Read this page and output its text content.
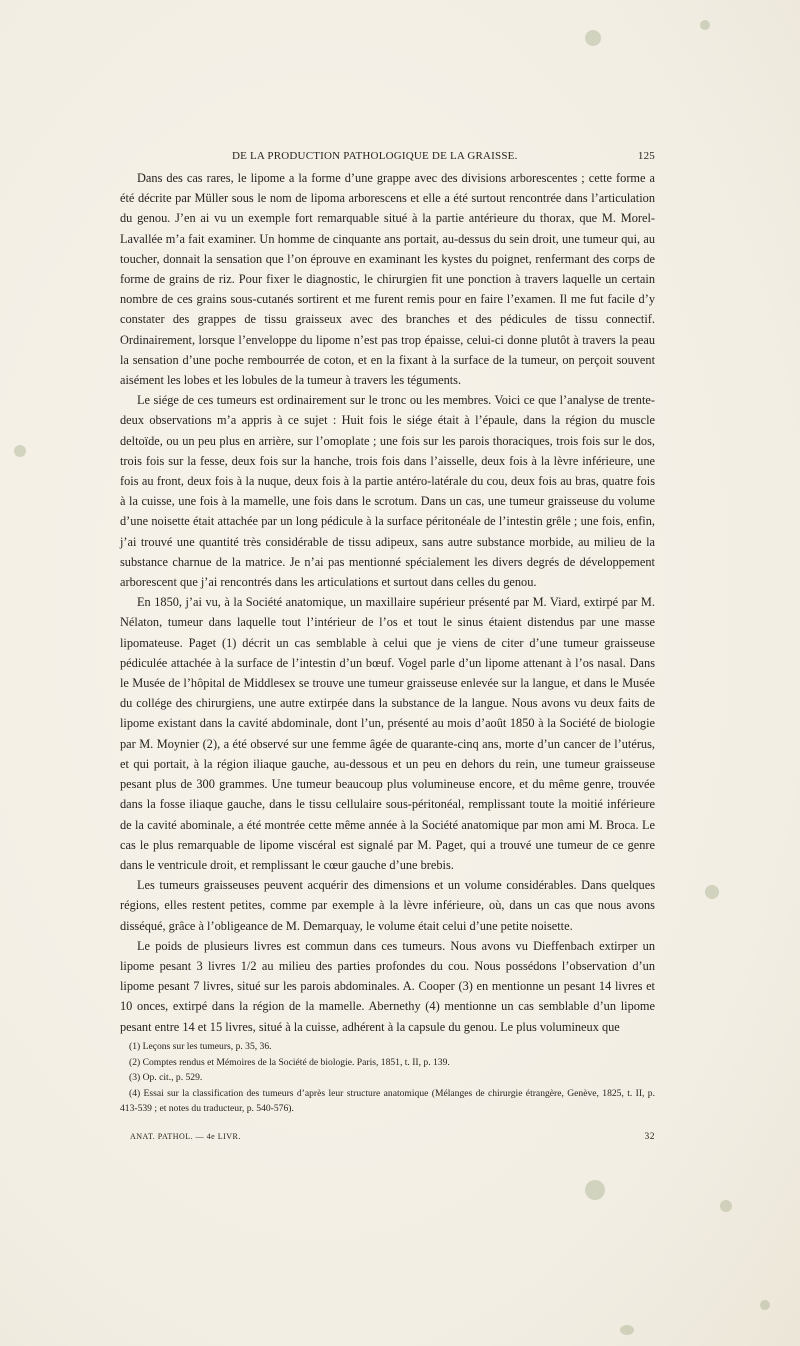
DE LA PRODUCTION PATHOLOGIQUE DE LA GRAISSE.	125

Dans des cas rares, le lipome a la forme d’une grappe avec des divisions arborescentes ; cette forme a été décrite par Müller sous le nom de lipoma arborescens et elle a été surtout rencontrée dans l’articulation du genou. J’en ai vu un exemple fort remarquable situé à la partie antérieure du thorax, que M. Morel-Lavallée m’a fait examiner. Un homme de cinquante ans portait, au-dessus du sein droit, une tumeur qui, au toucher, donnait la sensation que l’on éprouve en examinant les kystes du poignet, renfermant des corps de forme de grains de riz. Pour fixer le diagnostic, le chirurgien fit une ponction à travers laquelle un certain nombre de ces grains sous-cutanés sortirent et me furent remis pour en faire l’examen. Il me fut facile d’y constater des grappes de tissu graisseux avec des branches et des pédicules de tissu connectif. Ordinairement, lorsque l’enveloppe du lipome n’est pas trop épaisse, celui-ci donne plutôt à travers la peau la sensation d’une poche rembourrée de coton, et en la fixant à la surface de la tumeur, on perçoit souvent aisément les lobes et les lobules de la tumeur à travers les téguments.

Le siége de ces tumeurs est ordinairement sur le tronc ou les membres. Voici ce que l’analyse de trente-deux observations m’a appris à ce sujet : Huit fois le siége était à l’épaule, dans la région du muscle deltoïde, ou un peu plus en arrière, sur l’omoplate ; une fois sur les parois thoraciques, trois fois sur le dos, trois fois sur la fesse, deux fois sur la hanche, trois fois dans l’aisselle, deux fois à la lèvre inférieure, une fois au front, deux fois à la nuque, deux fois à la partie antéro-latérale du cou, deux fois au bras, quatre fois à la cuisse, une fois à la mamelle, une fois dans le scrotum. Dans un cas, une tumeur graisseuse du volume d’une noisette était attachée par un long pédicule à la surface péritonéale de l’intestin grêle ; une fois, enfin, j’ai trouvé une quantité très considérable de tissu adipeux, sans autre substance morbide, au milieu de la substance charnue de la matrice. Je n’ai pas mentionné spécialement les divers degrés de développement arborescent que j’ai rencontrés dans les articulations et surtout dans celles du genou.

En 1850, j’ai vu, à la Société anatomique, un maxillaire supérieur présenté par M. Viard, extirpé par M. Nélaton, tumeur dans laquelle tout l’intérieur de l’os et tout le sinus étaient distendus par une masse lipomateuse. Paget (1) décrit un cas semblable à celui que je viens de citer d’une tumeur graisseuse pédiculée attachée à la surface de l’intestin d’un bœuf. Vogel parle d’un lipome attenant à l’os nasal. Dans le Musée de l’hôpital de Middlesex se trouve une tumeur graisseuse enlevée sur la langue, et dans le Musée du collége des chirurgiens, une autre extirpée dans la substance de la langue. Nous avons vu deux faits de lipome existant dans la cavité abdominale, dont l’un, présenté au mois d’août 1850 à la Société de biologie par M. Moynier (2), a été observé sur une femme âgée de quarante-cinq ans, morte d’un cancer de l’utérus, et qui portait, à la région iliaque gauche, au-dessous et un peu en dehors du rein, une tumeur graisseuse pesant plus de 300 grammes. Une tumeur beaucoup plus volumineuse encore, et du même genre, trouvée dans la fosse iliaque gauche, dans le tissu cellulaire sous-péritonéal, remplissant toute la moitié inférieure de la cavité abominale, a été montrée cette même année à la Société anatomique par mon ami M. Broca. Le cas le plus remarquable de lipome viscéral est signalé par M. Paget, qui a trouvé une tumeur de ce genre dans le ventricule droit, et remplissant le cœur gauche d’une brebis.

Les tumeurs graisseuses peuvent acquérir des dimensions et un volume considérables. Dans quelques régions, elles restent petites, comme par exemple à la lèvre inférieure, où, dans un cas que nous avons disséqué, grâce à l’obligeance de M. Demarquay, le volume était celui d’une petite noisette.

Le poids de plusieurs livres est commun dans ces tumeurs. Nous avons vu Dieffenbach extirper un lipome pesant 3 livres 1/2 au milieu des parties profondes du cou. Nous possédons l’observation d’un lipome pesant 7 livres, situé sur les parois abdominales. A. Cooper (3) en mentionne un pesant 14 livres et 10 onces, extirpé dans la région de la mamelle. Abernethy (4) mentionne un cas semblable d’un lipome pesant entre 14 et 15 livres, situé à la cuisse, adhérent à la capsule du genou. Le plus volumineux que

(1) Leçons sur les tumeurs, p. 35, 36.

(2) Comptes rendus et Mémoires de la Société de biologie. Paris, 1851, t. II, p. 139.

(3) Op. cit., p. 529.

(4) Essai sur la classification des tumeurs d’après leur structure anatomique (Mélanges de chirurgie étrangère, Genève, 1825, t. II, p. 413-539 ; et notes du traducteur, p. 540-576).

ANAT. PATHOL. — 4e LIVR.	32
